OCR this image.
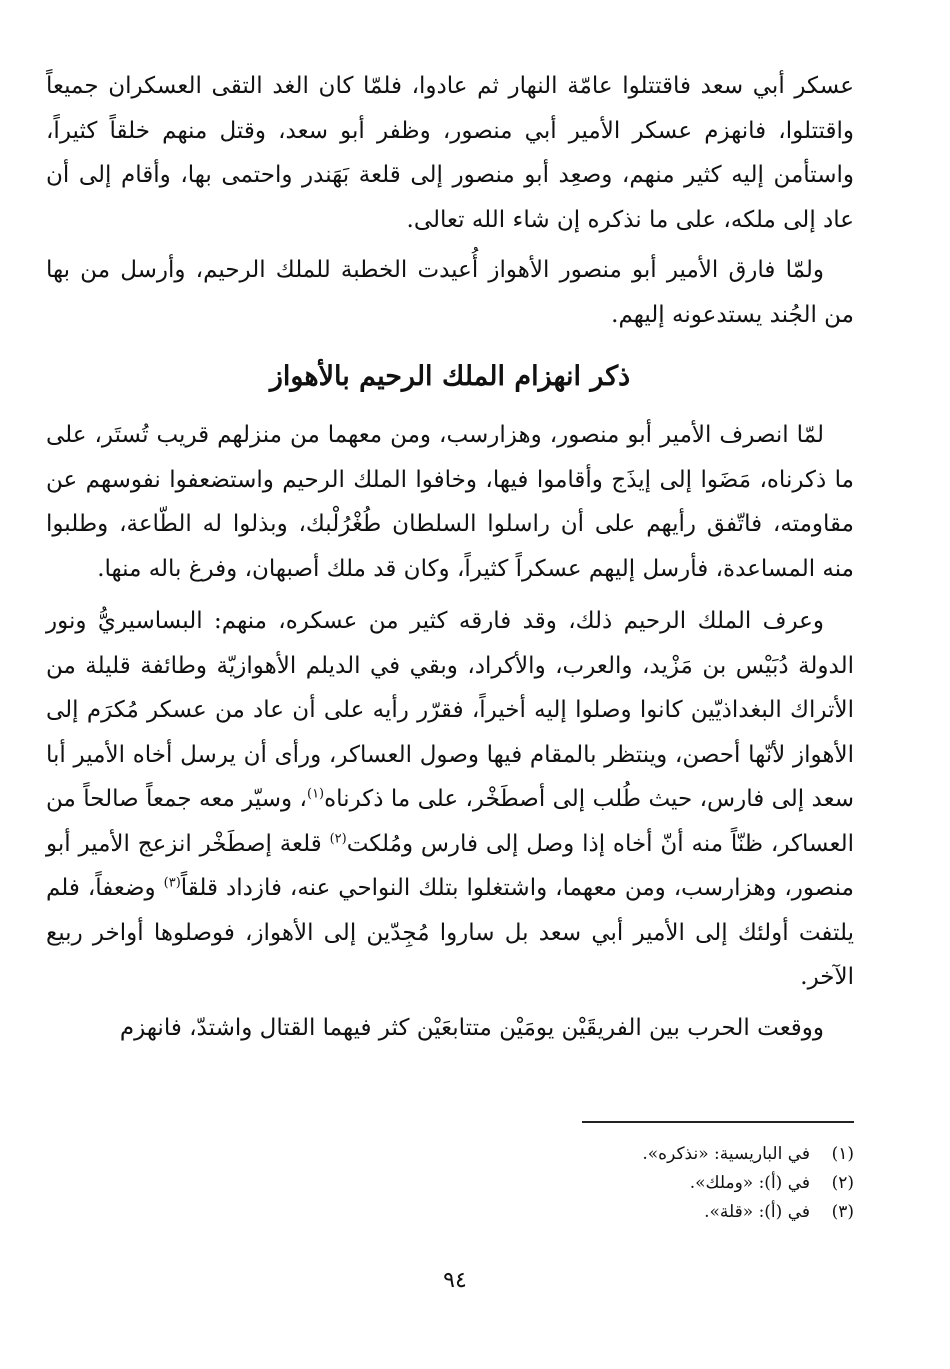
عسكر أبي سعد فاقتتلوا عامّة النهار ثم عادوا، فلمّا كان الغد التقى العسكران جميعاً واقتتلوا، فانهزم عسكر الأمير أبي منصور، وظفر أبو سعد، وقتل منهم خلقاً كثيراً، واستأمن إليه كثير منهم، وصعِد أبو منصور إلى قلعة بَهَندر واحتمى بها، وأقام إلى أن عاد إلى ملكه، على ما نذكره إن شاء الله تعالى.

ولمّا فارق الأمير أبو منصور الأهواز أُعيدت الخطبة للملك الرحيم، وأرسل من بها من الجُند يستدعونه إليهم.

ذكر انهزام الملك الرحيم بالأهواز

لمّا انصرف الأمير أبو منصور، وهزارسب، ومن معهما من منزلهم قريب تُستَر، على ما ذكرناه، مَضَوا إلى إيذَج وأقاموا فيها، وخافوا الملك الرحيم واستضعفوا نفوسهم عن مقاومته، فاتّفق رأيهم على أن راسلوا السلطان طُغْرُلْبك، وبذلوا له الطّاعة، وطلبوا منه المساعدة، فأرسل إليهم عسكراً كثيراً، وكان قد ملك أصبهان، وفرغ باله منها.

وعرف الملك الرحيم ذلك، وقد فارقه كثير من عسكره، منهم: البساسيريُّ ونور الدولة دُبَيْس بن مَزْيد، والعرب، والأكراد، وبقي في الديلم الأهوازيّة وطائفة قليلة من الأتراك البغداذيّين كانوا وصلوا إليه أخيراً، فقرّر رأيه على أن عاد من عسكر مُكرَم إلى الأهواز لأنّها أحصن، وينتظر بالمقام فيها وصول العساكر، ورأى أن يرسل أخاه الأمير أبا سعد إلى فارس، حيث طُلب إلى أصطَخْر، على ما ذكرناه$^{(١)}$، وسيّر معه جمعاً صالحاً من العساكر، ظنّاً منه أنّ أخاه إذا وصل إلى فارس ومُلكت$^{(٢)}$ قلعة إصطَخْر انزعج الأمير أبو منصور، وهزارسب، ومن معهما، واشتغلوا بتلك النواحي عنه، فازداد قلقاً$^{(٣)}$ وضعفاً، فلم يلتفت أولئك إلى الأمير أبي سعد بل ساروا مُجِدّين إلى الأهواز، فوصلوها أواخر ربيع الآخر.

ووقعت الحرب بين الفريقَيْن يومَيْن متتابعَيْن كثر فيهما القتال واشتدّ، فانهزم

(١)
في الباريسية: «نذكره».
(٢)
في (أ): «وملك».
(٣)
في (أ): «قلة».
٩٤
